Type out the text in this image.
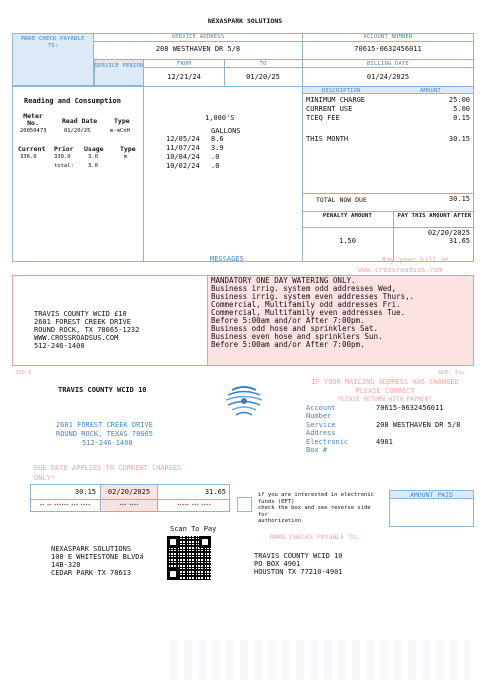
NEXASPARK SOLUTIONS
MAKE CHECK PAYABLE TO:
SERVICE ADDRESS	ACCOUNT NUMBER
208 WESTHAVEN DR 5/8	70615-0632456011
SERVICE PERIOD	FROM	TO	BILLING DATE
12/21/24	01/20/25	01/24/2025
Reading and Consumption
Meter No.	Read Date	Type
20050473	01/20/25	m-mCnH
Current Prior Usage	Type
336.0	330.0	3.0	m
total:	3.0
1,000'S
GALLONS
12/05/24 8.6
11/07/24 3.9
10/04/24 .0
10/02/24 .0
DESCRIPTION	AMOUNT
MINIMUM CHARGE	25.00
CURRENT USE	5.00
TCEQ FEE	0.15
THIS MONTH	30.15
TOTAL NOW DUE	30.15
PENALTY AMOUNT	PAY THIS AMOUNT AFTER
02/20/2025
1.50	31.65
MESSAGES	Pay your bill at
www.crossroadsus.com
MANDATORY ONE DAY WATERING ONLY.
Business irrig. system odd addresses Wed,
Business irrig. system even addresses Thurs,.
Commercial, Multifamily odd addresses Fri.
Commercial, Multifamily even addresses Tue.
Before 5:00am and/or After 7:00pm.
Business odd hose and sprinklers Sat.
Business even hose and sprinklers Sun.
Before 5:00am and/or After 7:00pm.
TRAVIS COUNTY WCID £10
2601 FOREST CREEK DRIVE
ROUND ROCK, TX 78665-1232
WWW.CROSSROADSUS.COM
512-246-1400
338-E	AVR, Inc.
TRAVIS COUNTY WCID 10
2601 FOREST CREEK DRIVE
ROUND ROCK, TEXAS 78665
512-246-1400
IF YOUR MAILING ADDRESS HAS CHANGED
PLEASE CORRECT
PLEASE RETURN WITH PAYMENT
Account
Number
70615-0632456011
Service
Address
208 WESTHAVEN DR 5/8
Electronic
Box #
4901
DUE DATE APPLIES TO CURRENT CHARGES
ONLY*
30.15	02/20/2025	31.65
** ** ****** *** ****	*** ****	***** *** ****
if you are interested in electronic
funds (EFT)
check the box and see reverse side
for
authorization
AMOUNT PAID
Scan To Pay
MAKE CHECKS PAYABLE TO:
NEXASPARK SOLUTIONS
100 E WHITESTONE BLVDá
14B-328
CEDAR PARK TX 78613
TRAVIS COUNTY WCID 10
PO BOX 4901
HOUSTON TX 77210-4901
